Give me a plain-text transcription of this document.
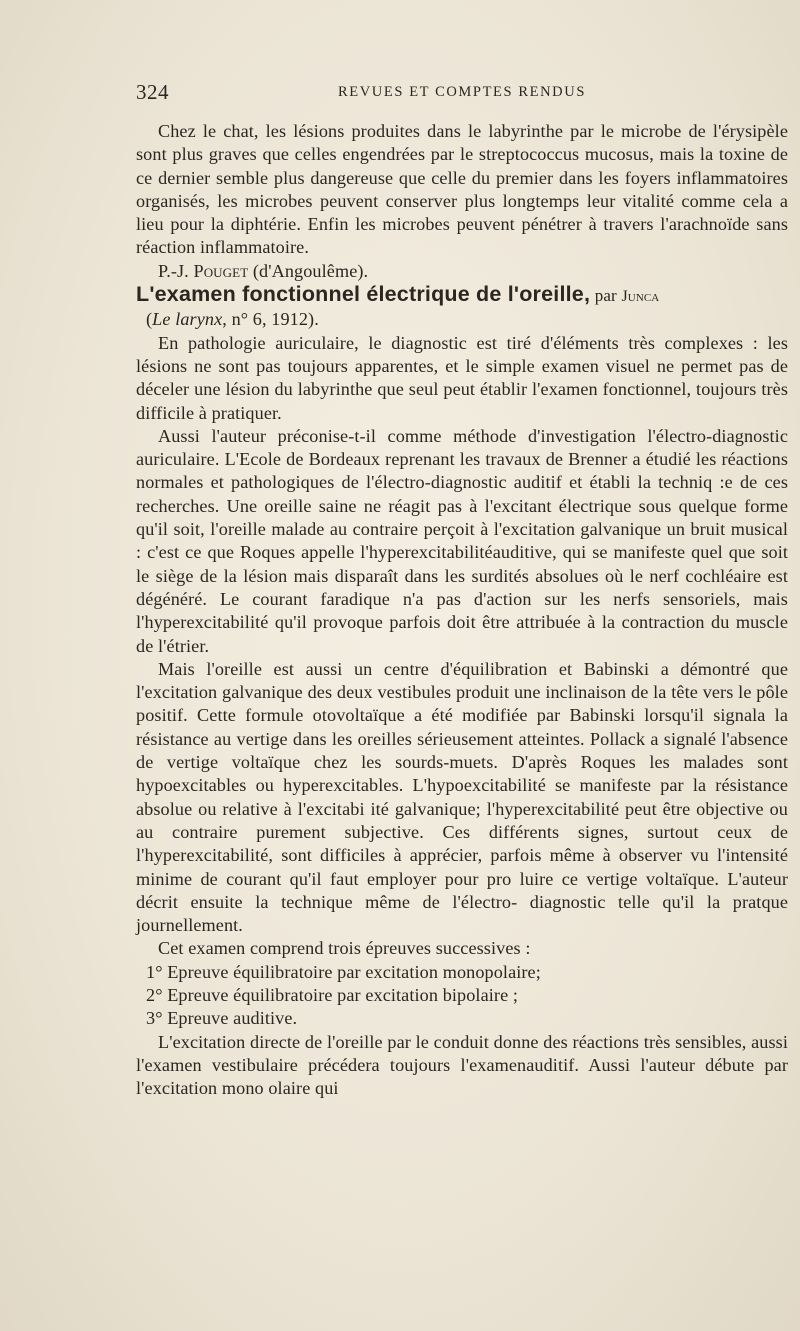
324	REVUES ET COMPTES RENDUS

Chez le chat, les lésions produites dans le labyrinthe par le microbe de l'érysipèle sont plus graves que celles engendrées par le streptococcus mucosus, mais la toxine de ce dernier semble plus dangereuse que celle du premier dans les foyers inflammatoires organisés, les microbes peuvent conserver plus longtemps leur vitalité comme cela a lieu pour la diphtérie. Enfin les microbes peuvent pénétrer à travers l'arachnoïde sans réaction inflammatoire.

P.-J. Pouget (d'Angoulême).

L'examen fonctionnel électrique de l'oreille, par Junca
(Le larynx, n° 6, 1912).

En pathologie auriculaire, le diagnostic est tiré d'éléments très complexes : les lésions ne sont pas toujours apparentes, et le simple examen visuel ne permet pas de déceler une lésion du labyrinthe que seul peut établir l'examen fonctionnel, toujours très difficile à pratiquer.

Aussi l'auteur préconise-t-il comme méthode d'investigation l'électro-diagnostic auriculaire. L'Ecole de Bordeaux reprenant les travaux de Brenner a étudié les réactions normales et pathologiques de l'électro-diagnostic auditif et établi la techniq :e de ces recherches. Une oreille saine ne réagit pas à l'excitant électrique sous quelque forme qu'il soit, l'oreille malade au contraire perçoit à l'excitation galvanique un bruit musical : c'est ce que Roques appelle l'hyperexcitabilitéauditive, qui se manifeste quel que soit le siège de la lésion mais disparaît dans les surdités absolues où le nerf cochléaire est dégénéré. Le courant faradique n'a pas d'action sur les nerfs sensoriels, mais l'hyperexcitabilité qu'il provoque parfois doit être attribuée à la contraction du muscle de l'étrier.

Mais l'oreille est aussi un centre d'équilibration et Babinski a démontré que l'excitation galvanique des deux vestibules produit une inclinaison de la tête vers le pôle positif. Cette formule otovoltaïque a été modifiée par Babinski lorsqu'il signala la résistance au vertige dans les oreilles sérieusement atteintes. Pollack a signalé l'absence de vertige voltaïque chez les sourds-muets. D'après Roques les malades sont hypoexcitables ou hyperexcitables. L'hypoexcitabilité se manifeste par la résistance absolue ou relative à l'excitabi ité galvanique; l'hyperexcitabilité peut être objective ou au contraire purement subjective. Ces différents signes, surtout ceux de l'hyperexcitabilité, sont difficiles à apprécier, parfois même à observer vu l'intensité minime de courant qu'il faut employer pour pro luire ce vertige voltaïque. L'auteur décrit ensuite la technique même de l'électro- diagnostic telle qu'il la pratque journellement.

Cet examen comprend trois épreuves successives :

1° Epreuve équilibratoire par excitation monopolaire;

2° Epreuve équilibratoire par excitation bipolaire ;

3° Epreuve auditive.

L'excitation directe de l'oreille par le conduit donne des réactions très sensibles, aussi l'examen vestibulaire précédera toujours l'examenauditif. Aussi l'auteur débute par l'excitation mono olaire qui
